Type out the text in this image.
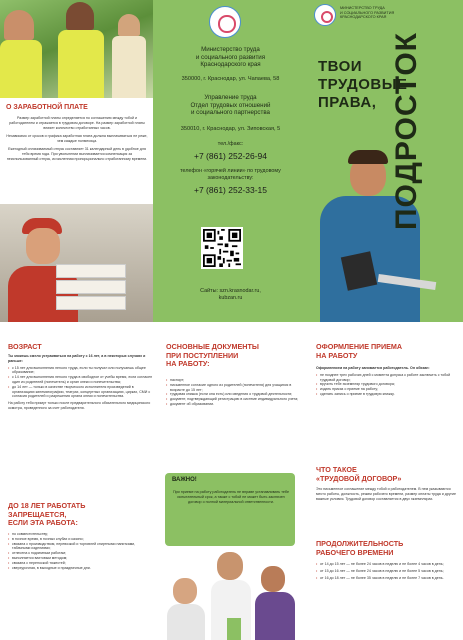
О ЗАРАБОТНОЙ ПЛАТЕ

Размер заработной платы определяется по соглашению между тобой и работодателем и отражается в трудовом договоре. На размер заработной платы влияет количество отработанных часов.

Независимо от сроков и графика заработная плата должна выплачиваться не реже, чем каждые полмесяца.

Ежегодный оплачиваемый отпуск составляет 31 календарный день в удобное для тебя время года. При увольнении выплачивается компенсация за неиспользованный отпуск, исчисленная пропорционально отработанному времени.

Министерство труда
и социального развития
Краснодарского края
350000, г. Краснодар, ул. Чапаева, 58
Управление труда
Отдел трудовых отношений
и социального партнерства
350010, г. Краснодар, ул. Зиповская, 5
тел./факс:
+7 (861) 252-26-94
телефон «горячей линии» по трудовому
законодательству:
+7 (861) 252-33-15
Сайты: szn.krasnodar.ru,
kubzan.ru
МИНИСТЕРСТВО ТРУДА
И СОЦИАЛЬНОГО РАЗВИТИЯ
КРАСНОДАРСКОГО КРАЯ
ТВОИ
ТРУДОВЫЕ
ПРАВА, ПОДРОСТОК
ВОЗРАСТ

Ты можешь смело устраиваться на работу с 16 лет, а в некоторых случаях и раньше:

• с 15 лет для выполнения легкого труда, если ты получил или получаешь общее образование;
• с 14 лет для выполнения легкого труда в свободное от учебы время, если согласен один из родителей (попечитель) и орган опеки и попечительства;
• до 14 лет — только в качестве творческого исполнителя произведений в организациях кинематографии, театрах, концертных организациях, цирках, СМИ с согласия родителей и разрешения органа опеки и попечительства.

На работу тебя примут только после предварительного обязательного медицинского осмотра, проведенного за счет работодателя.

ДО 18 ЛЕТ РАБОТАТЬ
ЗАПРЕЩАЕТСЯ,
ЕСЛИ ЭТА РАБОТА:
• по совместительству;
• в ночное время, в ночных клубах и казино;
• связана с производством, перевозкой и торговлей спиртными напитками, табачными изделиями;
• отнесена к подземным работам;
• выполняется вахтовым методом;
• связана с переноской тяжестей;
• сверхурочная, в выходные и праздничные дни.
ОСНОВНЫЕ ДОКУМЕНТЫ
ПРИ ПОСТУПЛЕНИИ
НА РАБОТУ:
• паспорт;
• письменное согласие одного из родителей (попечителя) для учащихся в возрасте до 15 лет;
• трудовая книжка (если она есть) или сведения о трудовой деятельности;
• документ, подтверждающий регистрацию в системе индивидуального учета;
• документ об образовании.
ВАЖНО!
При приеме на работу работодатель не вправе устанавливать тебе испытательный срок, а также с тобой не может быть заключен договор о полной материальной ответственности.
ОФОРМЛЕНИЕ ПРИЕМА
НА РАБОТУ

Оформлением на работу занимается работодатель. Он обязан:

• не позднее трех рабочих дней с момента допуска к работе заключить с тобой трудовой договор;
• вручить тебе экземпляр трудового договора;
• издать приказ о приеме на работу;
• сделать запись о приеме в трудовую книжку.
ЧТО ТАКОЕ
«ТРУДОВОЙ ДОГОВОР»
Это письменное соглашение между тобой и работодателем. В нем указываются место работы, должность, режим рабочего времени, размер оплаты труда и другие важные условия. Трудовой договор составляется в двух экземплярах.
ПРОДОЛЖИТЕЛЬНОСТЬ
РАБОЧЕГО ВРЕМЕНИ
• от 14 до 15 лет — не более 24 часов в неделю и не более 4 часов в день;
• от 15 до 16 лет — не более 24 часов в неделю и не более 5 часов в день;
• от 16 до 18 лет — не более 35 часов в неделю и не более 7 часов в день.
